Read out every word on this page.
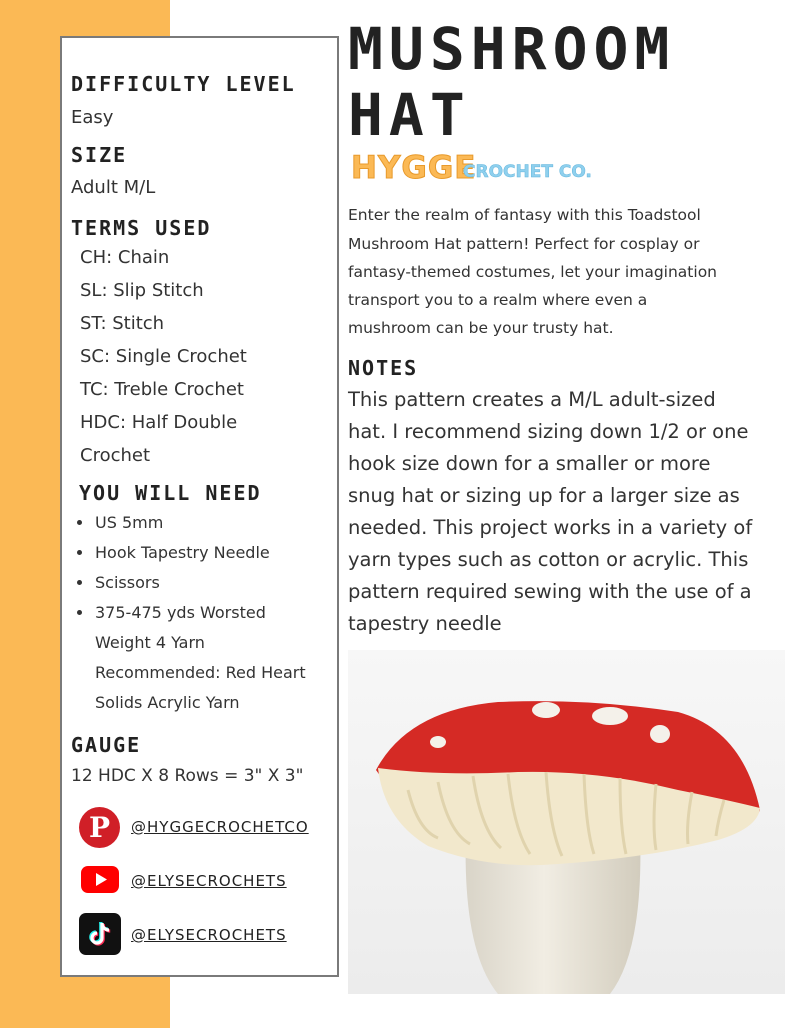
DIFFICULTY LEVEL
Easy
SIZE
Adult M/L
TERMS USED
CH: Chain
SL: Slip Stitch
ST: Stitch
SC: Single Crochet
TC: Treble Crochet
HDC: Half Double
Crochet
YOU WILL NEED
US 5mm
Hook Tapestry Needle
Scissors
375-475 yds Worsted
Weight 4 Yarn
Recommended: Red Heart
Solids Acrylic Yarn
GAUGE
12 HDC X 8 Rows = 3" X 3"
P @HYGGECROCHETCO
@ELYSECROCHETS
@ELYSECROCHETS
MUSHROOM
HAT
HYGGE
CROCHET CO.
Enter the realm of fantasy with this Toadstool
Mushroom Hat pattern! Perfect for cosplay or
fantasy-themed costumes, let your imagination
transport you to a realm where even a
mushroom can be your trusty hat.
NOTES
This pattern creates a M/L adult-sized
hat. I recommend sizing down 1/2 or one
hook size down for a smaller or more
snug hat or sizing up for a larger size as
needed. This project works in a variety of
yarn types such as cotton or acrylic. This
pattern required sewing with the use of a
tapestry needle
